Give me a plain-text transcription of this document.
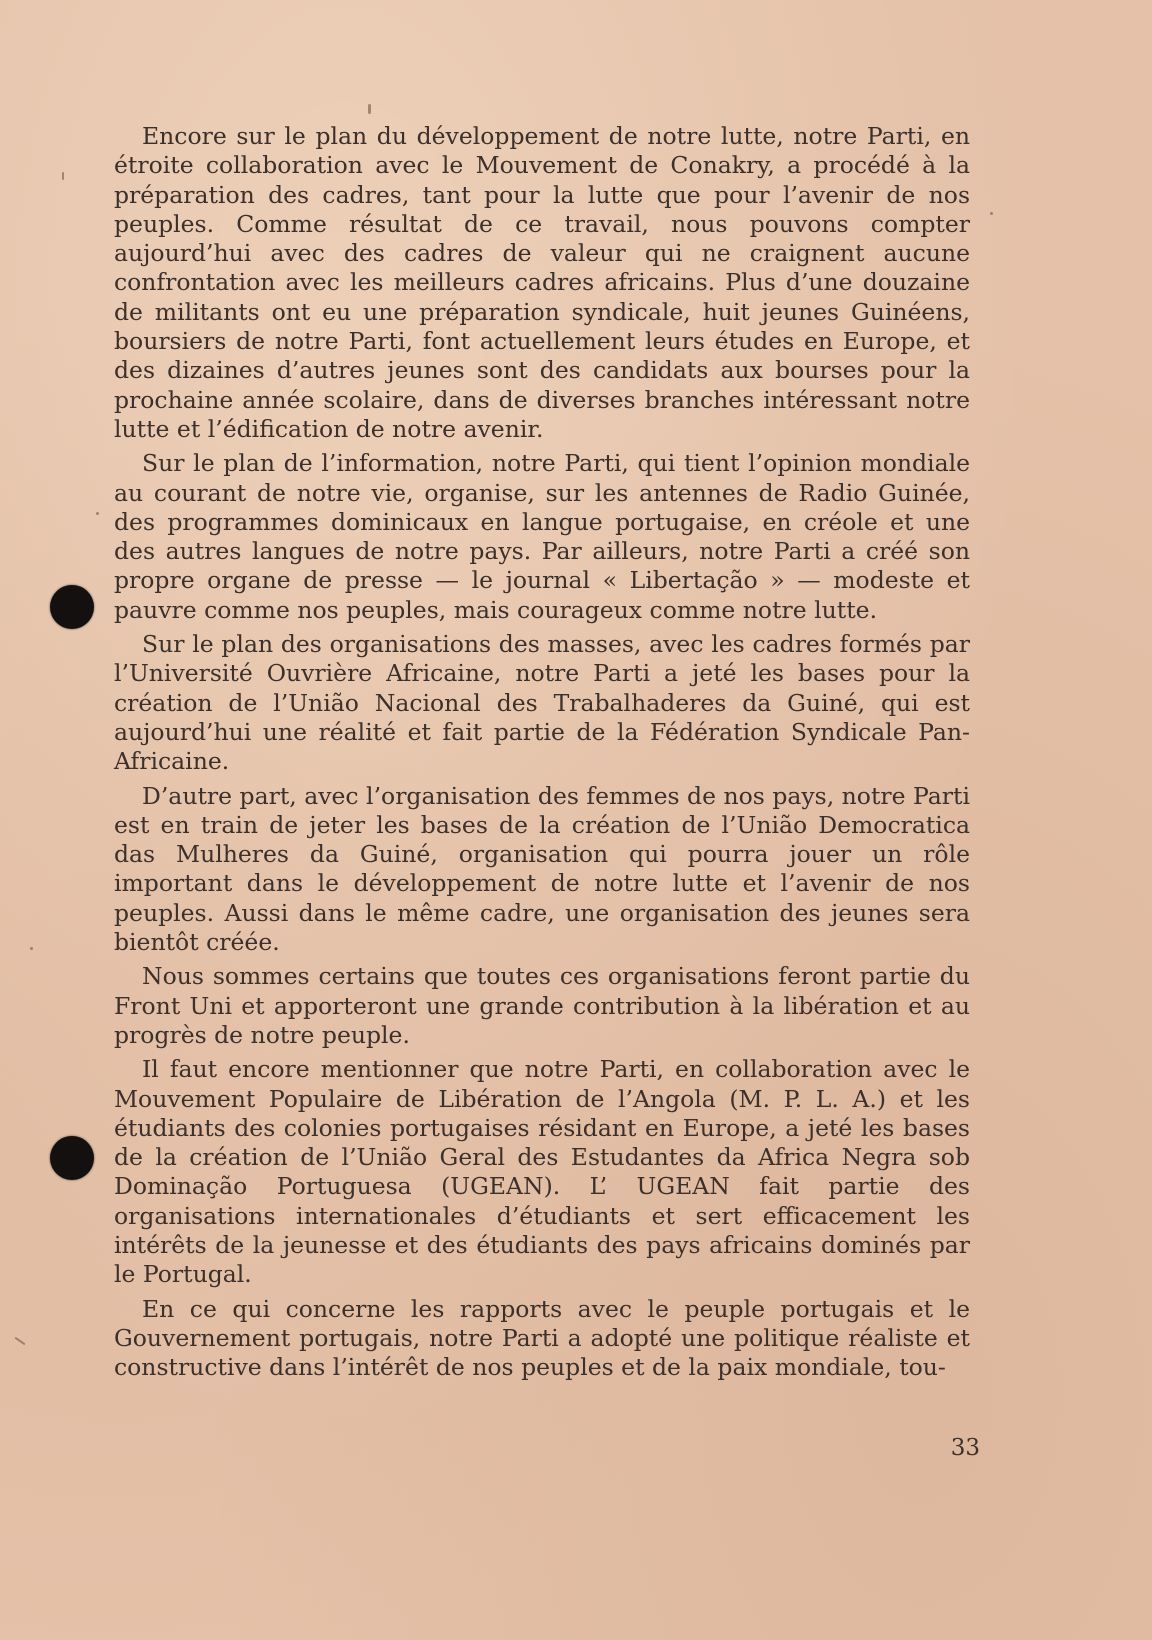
Encore sur le plan du développement de notre lutte, notre Parti, en étroite collaboration avec le Mouvement de Conakry, a procédé à la préparation des cadres, tant pour la lutte que pour l’avenir de nos peuples. Comme résultat de ce travail, nous pouvons compter aujourd’hui avec des cadres de valeur qui ne craignent aucune confrontation avec les meilleurs cadres africains. Plus d’une douzaine de militants ont eu une préparation syndicale, huit jeunes Guinéens, boursiers de notre Parti, font actuellement leurs études en Europe, et des dizaines d’autres jeunes sont des candidats aux bourses pour la prochaine année scolaire, dans de diverses branches intéressant notre lutte et l’édification de notre avenir.

Sur le plan de l’information, notre Parti, qui tient l’opinion mondiale au courant de notre vie, organise, sur les antennes de Radio Guinée, des programmes dominicaux en langue portugaise, en créole et une des autres langues de notre pays. Par ailleurs, notre Parti a créé son propre organe de presse — le journal « Libertação » — modeste et pauvre comme nos peuples, mais courageux comme notre lutte.

Sur le plan des organisations des masses, avec les cadres formés par l’Université Ouvrière Africaine, notre Parti a jeté les bases pour la création de l’União Nacional des Trabalhaderes da Guiné, qui est aujourd’hui une réalité et fait partie de la Fédération Syndicale Pan-Africaine.

D’autre part, avec l’organisation des femmes de nos pays, notre Parti est en train de jeter les bases de la création de l’União Democratica das Mulheres da Guiné, organisation qui pourra jouer un rôle important dans le développement de notre lutte et l’avenir de nos peuples. Aussi dans le même cadre, une organisation des jeunes sera bientôt créée.

Nous sommes certains que toutes ces organisations feront partie du Front Uni et apporteront une grande contribution à la libération et au progrès de notre peuple.

Il faut encore mentionner que notre Parti, en collaboration avec le Mouvement Populaire de Libération de l’Angola (M. P. L. A.) et les étudiants des colonies portugaises résidant en Europe, a jeté les bases de la création de l’União Geral des Estudantes da Africa Negra sob Dominação Portuguesa (UGEAN). L’ UGEAN fait partie des organisations internationales d’étudiants et sert efficacement les intérêts de la jeunesse et des étudiants des pays africains dominés par le Portugal.

En ce qui concerne les rapports avec le peuple portugais et le Gouvernement portugais, notre Parti a adopté une politique réaliste et constructive dans l’intérêt de nos peuples et de la paix mondiale, tou-

33
